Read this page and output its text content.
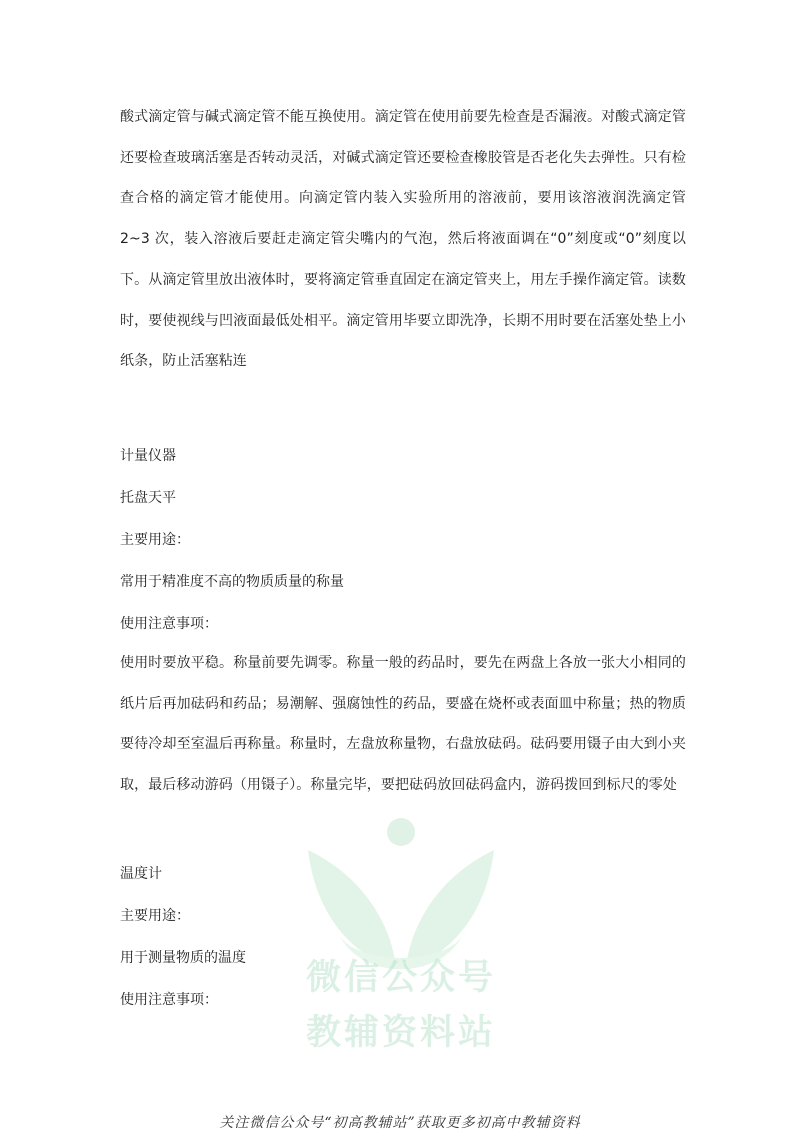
微信公众号
教辅资料站

酸式滴定管与碱式滴定管不能互换使用。滴定管在使用前要先检查是否漏液。对酸式滴定管还要检查玻璃活塞是否转动灵活，对碱式滴定管还要检查橡胶管是否老化失去弹性。只有检查合格的滴定管才能使用。向滴定管内装入实验所用的溶液前，要用该溶液润洗滴定管 2~3 次，装入溶液后要赶走滴定管尖嘴内的气泡，然后将液面调在“0”刻度或“0”刻度以下。从滴定管里放出液体时，要将滴定管垂直固定在滴定管夹上，用左手操作滴定管。读数时，要使视线与凹液面最低处相平。滴定管用毕要立即洗净，长期不用时要在活塞处垫上小纸条，防止活塞粘连

计量仪器
托盘天平
主要用途：
常用于精准度不高的物质质量的称量
使用注意事项：

使用时要放平稳。称量前要先调零。称量一般的药品时，要先在两盘上各放一张大小相同的纸片后再加砝码和药品；易潮解、强腐蚀性的药品，要盛在烧杯或表面皿中称量；热的物质要待冷却至室温后再称量。称量时，左盘放称量物，右盘放砝码。砝码要用镊子由大到小夹取，最后移动游码（用镊子）。称量完毕，要把砝码放回砝码盒内，游码拨回到标尺的零处

温度计
主要用途：
用于测量物质的温度
使用注意事项：
关注微信公众号“初高教辅站”获取更多初高中教辅资料
